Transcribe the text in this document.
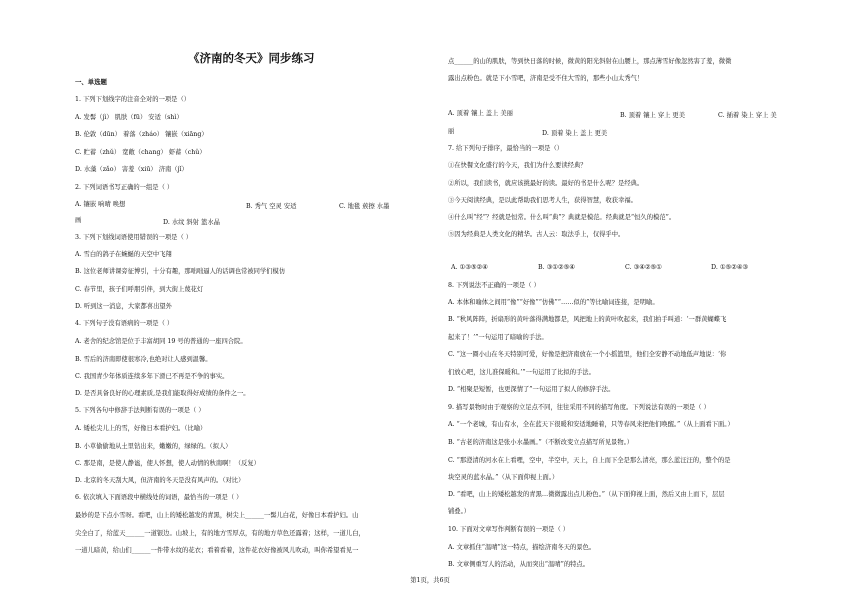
《济南的冬天》同步练习
一、单选题
1. 下列下划线字的注音全对的一项是（）
A. 发髻（jì） 肌肤（fū） 安适（shì）
B. 伦敦（dūn） 着落（zháo） 镶嵌（xiāng）
C. 贮蓄（zhǔ） 宽敞（chang） 虾蓄（chǔ）
D. 水藻（zǎo） 害羞（xiū） 济南（jǐ）
2. 下列词语书写正确的一组是（ ）
A. 镶嵌 响晴 唤想
画
3. 下列下划线词语使用错误的一项是（ ）
A. 雪白的鸽子在蜿蜒的天空中飞翔
B. 这位老师讲课旁征博引，十分有趣，那咄咄逼人的话调也常被同学们模仿
C. 春节里，孩子们呼朋引伴，到大街上蔑花灯
D. 听到这一消息，大家都喜出望外
4. 下列句子没有语病的一项是（ ）
A. 老舍的纪念馆是位于丰富胡同 19 号的普通的一座四合院。
B. 雪后的济南即使很寒冷,也绝对让人感到温馨。
C. 我国青少年体质连续多年下滑已不再是不争的事实。
D. 是否具备良好的心理素质,是我们能取得好成绩的条件之一。
5. 下列各句中修辞手法判断有误的一项是（ ）
A. 矮松尖儿上的雪，好像日本看护妇。（比喻）
B. 小草偷偷地从土里钻出来，嫩嫩的，绿绿的。（拟人）
C. 那是南，是使人静谧，使人怀想，使人动情的秋南啊！（反复）
D. 北京的冬天刮大风，但济南的冬天是没有风声的。（对比）
6. 依次填入下面语段中横线处的词语，最恰当的一项是（ ）
最妙的是下点小雪呀。看吧，山上的矮松越发的青黑，树尖上______一髻儿白花，好像日本看护妇。山
尖全白了，给蓝天______一道银边。山坡上，有的地方雪厚点，有的地方草色还露着；这样，一道儿白，
一道儿暗黄，给山们______一件带水纹的花衣；看着看着，这件花衣好像被风儿吹动，叫你希望看见一
点______的山的肌肤，等到快日落的时候，微黄的阳光斜射在山腰上，那点薄雪好像忽然害了羞，微微
露出点粉色。就是下小雪吧，济南是受不住大雪的，那些小山太秀气！
A. 顶着 镶上 盖上 美丽
丽
7. 给下列句子排序，最恰当的一项是（）
①在快餐文化盛行的今天，我们为什么要读经典？
②所以，我们读书，就应该挑最好的读。最好的书是什么呢？是经典。
③今天阅读经典，是以此帮助我们思考人生，获得智慧，收获幸福。
④什么叫“经”？经就是恒常。什么叫“典”？典就是模范。经典就是“恒久的模范”。
⑤因为经典是人类文化的精华。古人云：取法乎上，仅得乎中。
8. 下列说法不正确的一项是（ ）
A. 本体和喻体之间用“像”“好像”“仿佛”“……似的”等比喻词连接，是明喻。
B. “秋风阵阵，折扇形的黄叶落得满地都是，风把地上的黄叶吹起来，我们拍手叫道：‘一群黄蝴蝶飞
起来了！’”一句运用了暗喻的手法。
C. “这一圈小山在冬天特别可爱，好像是把济南放在一个小摇篮里，他们全安静不动地低声地说：‘你
们放心吧，这儿准保暖和。’”一句运用了比拟的手法。
D. “相聚是短暂，也更深情了”一句运用了拟人的修辞手法。
9. 描写景物时由于观察的立足点不同，往往采用不同的描写角度。下列说法有误的一项是（ ）
A. “一个老城，有山有水，全在蓝天下很暖和安适地睡着，只等春风来把他们唤醒。”（从上面看下面。）
B. “古老的济南这是张小水墨画。”（不断改变立点描写所见景物。）
C. “那澄清的河水在上看哩，空中，半空中，天上，自上而下全是那么清亮，那么蓝汪汪的，整个的是
块空灵的蓝水晶。”（从下面仰视上面。）
D. “看吧，山上的矮松越发的青黑…微微露出点儿粉色。”（从下面仰视上面，然后又由上而下，层层
铺叠。）
10. 下面对文章写作判断有误的一项是（ ）
A. 文章抓住“温晴”这一特点，描绘济南冬天的景色。
B. 文章侧重写人的活动，从而突出“温晴”的特点。
第1页，共6页
B. 秀气 空灵 安适	C. 地毯 蔟擦 水墨
D. 水纹 斜射 篮水晶
B. 顶着 镶上 穿上 更美	C. 插着 染上 穿上 美
D. 顶着 染上 盖上 更美
A. ①③⑤②④	B. ③①②⑤④	C. ③④②⑤①	D. ①⑤②④③
